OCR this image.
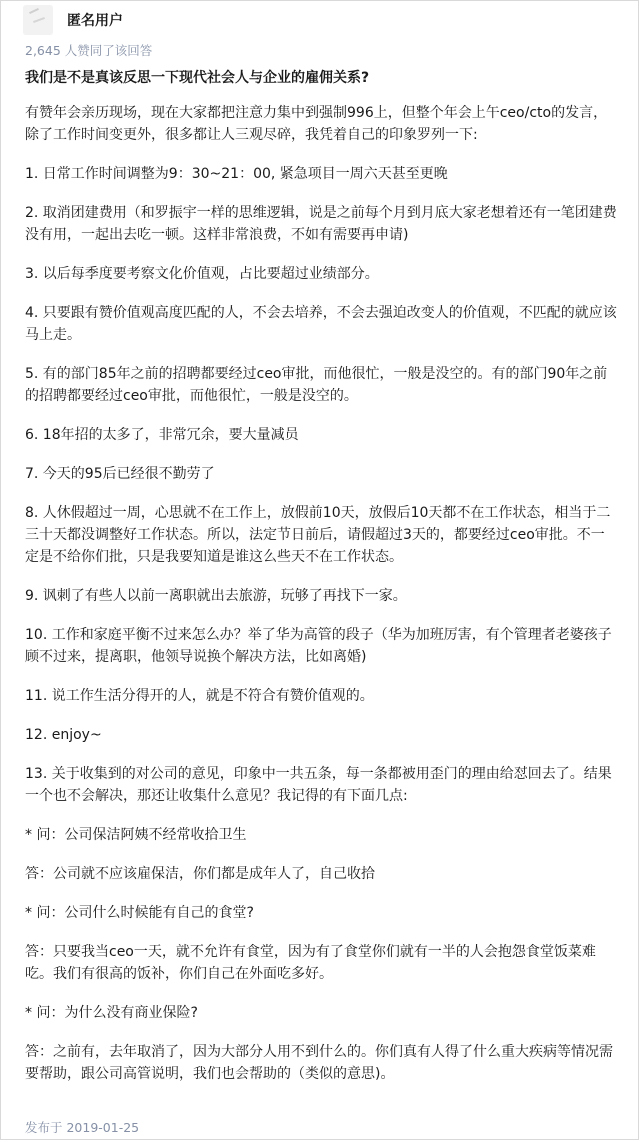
匿名用户
2,645 人赞同了该回答
我们是不是真该反思一下现代社会人与企业的雇佣关系?

有赞年会亲历现场，现在大家都把注意力集中到强制996上，但整个年会上午ceo/cto的发言，除了工作时间变更外，很多都让人三观尽碎，我凭着自己的印象罗列一下:

1. 日常工作时间调整为9：30~21：00, 紧急项目一周六天甚至更晚

2. 取消团建费用（和罗振宇一样的思维逻辑，说是之前每个月到月底大家老想着还有一笔团建费没有用，一起出去吃一顿。这样非常浪费，不如有需要再申请)

3. 以后每季度要考察文化价值观，占比要超过业绩部分。

4. 只要跟有赞价值观高度匹配的人，不会去培养，不会去强迫改变人的价值观，不匹配的就应该马上走。

5. 有的部门85年之前的招聘都要经过ceo审批，而他很忙，一般是没空的。有的部门90年之前的招聘都要经过ceo审批，而他很忙，一般是没空的。

6. 18年招的太多了，非常冗余，要大量减员

7. 今天的95后已经很不勤劳了

8. 人休假超过一周，心思就不在工作上，放假前10天，放假后10天都不在工作状态，相当于二三十天都没调整好工作状态。所以，法定节日前后，请假超过3天的，都要经过ceo审批。不一定是不给你们批，只是我要知道是谁这么些天不在工作状态。

9. 讽刺了有些人以前一离职就出去旅游，玩够了再找下一家。

10. 工作和家庭平衡不过来怎么办？举了华为高管的段子（华为加班厉害，有个管理者老婆孩子顾不过来，提离职，他领导说换个解决方法，比如离婚)

11. 说工作生活分得开的人，就是不符合有赞价值观的。

12. enjoy~

13. 关于收集到的对公司的意见，印象中一共五条，每一条都被用歪门的理由给怼回去了。结果一个也不会解决，那还让收集什么意见？我记得的有下面几点:

* 问：公司保洁阿姨不经常收拾卫生

答：公司就不应该雇保洁，你们都是成年人了，自己收拾

* 问：公司什么时候能有自己的食堂?

答：只要我当ceo一天，就不允许有食堂，因为有了食堂你们就有一半的人会抱怨食堂饭菜难吃。我们有很高的饭补，你们自己在外面吃多好。

* 问：为什么没有商业保险?

答：之前有，去年取消了，因为大部分人用不到什么的。你们真有人得了什么重大疾病等情况需要帮助，跟公司高管说明，我们也会帮助的（类似的意思)。

发布于 2019-01-25
